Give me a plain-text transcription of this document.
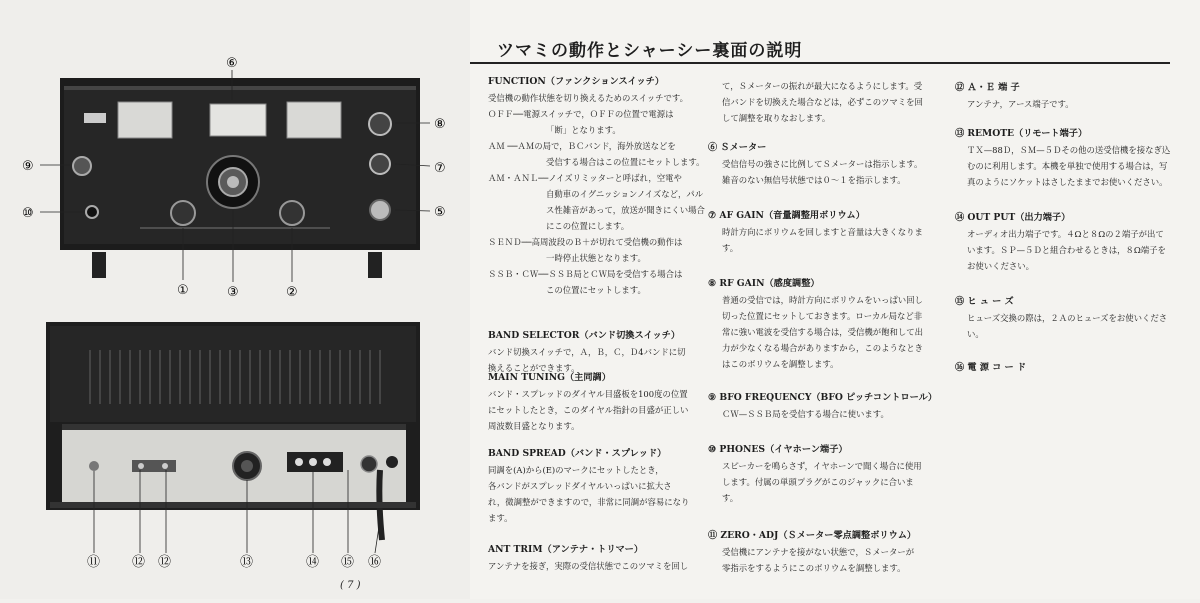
⑥
⑧
⑨	⑦
⑩	⑤
①	③	②
⑪ ⑫ ⑫	⑬	⑭ ⑮ ⑯
( 7 )
ツマミの動作とシャーシー裏面の説明

FUNCTION（ファンクションスイッチ）

受信機の動作状態を切り換えるためのスイッチです。

ＯＦＦ──電源スイッチで，ＯＦＦの位置で電源は

「断」となります。

ＡＭ ──ＡＭの局で，ＢＣバンド，海外放送などを

受信する場合はこの位置にセットします。

ＡＭ・ＡＮＬ──ノイズリミッターと呼ばれ，空電や

自動車のイグニッションノイズなど，パル

ス性雑音があって，放送が聞きにくい場合

にこの位置にします。

ＳＥＮＤ──高周波段のＢ＋が切れて受信機の動作は

一時停止状態となります。

ＳＳＢ・ＣＷ──ＳＳＢ局とＣＷ局を受信する場合は

この位置にセットします。

BAND SELECTOR（バンド切換スイッチ）

バンド切換スイッチで，Ａ，Ｂ，Ｃ，Ｄ4バンドに切

換えることができます。

MAIN TUNING（主同調）

バンド・スプレッドのダイヤル目盛板を100度の位置

にセットしたとき，このダイヤル指針の目盛が正しい

周波数目盛となります。

BAND SPREAD（バンド・スプレッド）

同調を(A)から(E)のマークにセットしたとき，

各バンドがスプレッドダイヤルいっぱいに拡大さ

れ，微調整ができますので，非常に同調が容易になり

ます。

ANT TRIM（アンテナ・トリマー）

アンテナを接ぎ，実際の受信状態でこのツマミを回し

て，Ｓメーターの振れが最大になるようにします。受

信バンドを切換えた場合などは，必ずこのツマミを回

して調整を取りなおします。

⑥ Ｓメーター

受信信号の強さに比例してＳメーターは指示します。

雑音のない無信号状態では０～１を指示します。

⑦ AF GAIN（音量調整用ボリウム）

時計方向にボリウムを回しますと音量は大きくなりま

す。

⑧ RF GAIN（感度調整）

普通の受信では，時計方向にボリウムをいっぱい回し

切った位置にセットしておきます。ローカル局など非

常に強い電波を受信する場合は，受信機が飽和して出

力が少なくなる場合がありますから，このようなとき

はこのボリウムを調整します。

⑨ BFO FREQUENCY（BFO ピッチコントロール）

ＣＷ—ＳＳＢ局を受信する場合に使います。

⑩ PHONES（イヤホーン端子）

スピーカーを鳴らさず，イヤホーンで聞く場合に使用

します。付属の単頭プラグがこのジャックに合いま

す。

⑪ ZERO・ADJ（Ｓメーター零点調整ボリウム）

受信機にアンテナを接がない状態で，Ｓメーターが

零指示をするようにこのボリウムを調整します。

⑫ Ａ・Ｅ 端 子

アンテナ，アース端子です。

⑬ REMOTE（リモート端子）

ＴＸ—88Ｄ，ＳＭ—５Ｄその他の送受信機を接なぎ込

むのに利用します。本機を単独で使用する場合は，写

真のようにソケットはさしたままでお使いください。

⑭ OUT PUT（出力端子）

オーディオ出力端子です。４Ωと８Ωの２端子が出て

います。ＳＰ—５Ｄと組合わせるときは，８Ω端子を

お使いください。

⑮ ヒ ュ ー ズ

ヒューズ交換の際は，２Ａのヒューズをお使いくださ

い。

⑯ 電 源 コ ー ド
